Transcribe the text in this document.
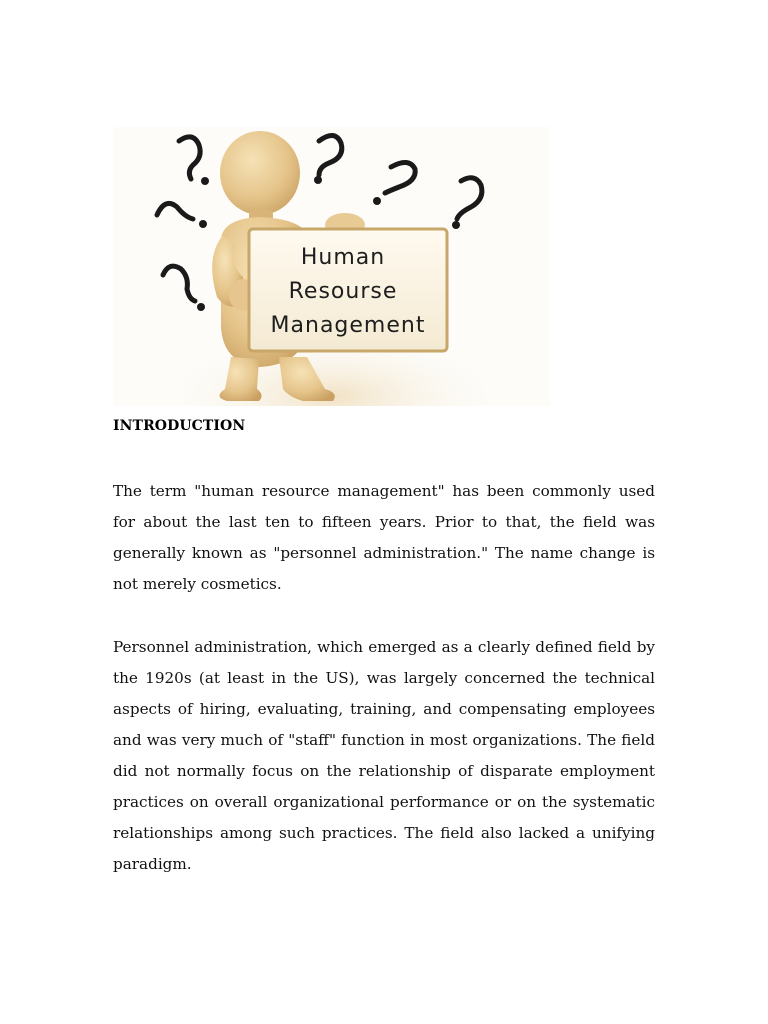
Human
Resourse
Management
INTRODUCTION

The term "human resource management" has been commonly used for about the last ten to fifteen years. Prior to that, the field was generally known as "personnel administration." The name change is not merely cosmetics.

Personnel administration, which emerged as a clearly defined field by the 1920s (at least in the US), was largely concerned the technical aspects of hiring, evaluating, training, and compensating employees and was very much of "staff" function in most organizations. The field did not normally focus on the relationship of disparate employment practices on overall organizational performance or on the systematic relationships among such practices. The field also lacked a unifying paradigm.
